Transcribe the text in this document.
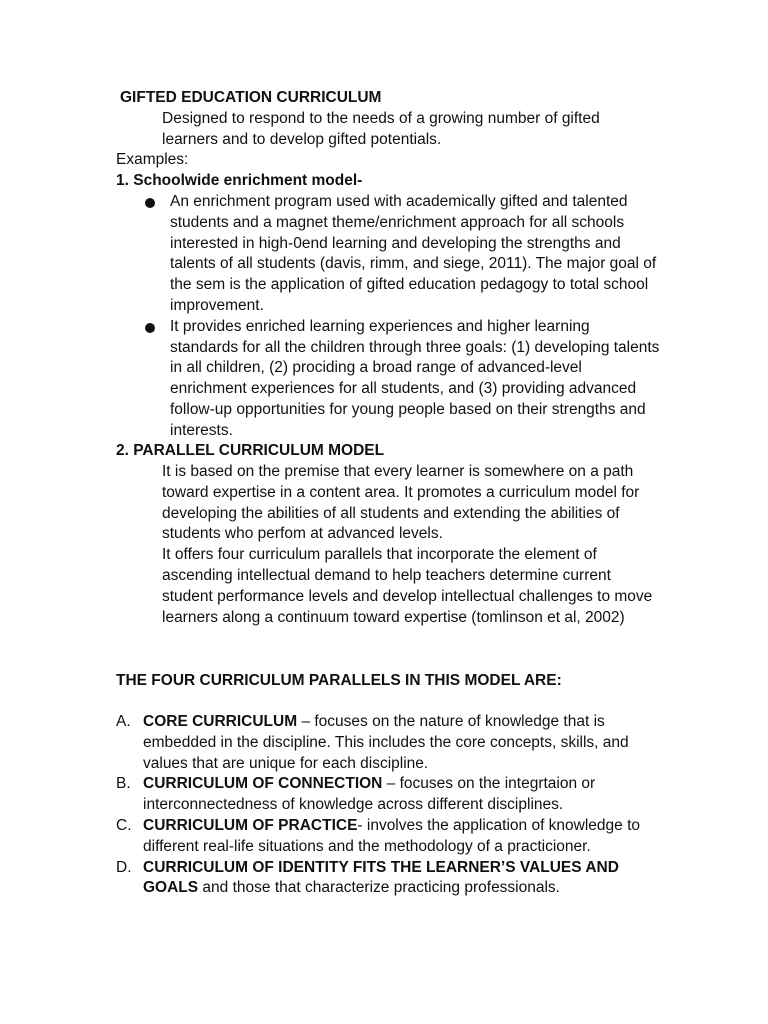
GIFTED EDUCATION CURRICULUM

Designed to respond to the needs of a growing number of gifted learners and to develop gifted potentials.

Examples:

1. Schoolwide enrichment model-

An enrichment program used with academically gifted and talented students and a magnet theme/enrichment approach for all schools interested in high-0end learning and developing the strengths and talents of all students (davis, rimm, and siege, 2011). The major goal of the sem is the application of gifted education pedagogy to total school improvement.
It provides enriched learning experiences and higher learning standards for all the children through three goals: (1) developing talents in all children, (2) prociding a broad range of advanced-level enrichment experiences for all students, and (3) providing advanced follow-up opportunities for young people based on their strengths and interests.

2. PARALLEL CURRICULUM MODEL

It is based on the premise that every learner is somewhere on a path toward expertise in a content area. It promotes a curriculum model for developing the abilities of all students and extending the abilities of students who perfom at advanced levels.
It offers four curriculum parallels that incorporate the element of ascending intellectual demand to help teachers determine current student performance levels and develop intellectual challenges to move learners along a continuum toward expertise (tomlinson et al, 2002)

THE FOUR CURRICULUM PARALLELS IN THIS MODEL ARE:

A. CORE CURRICULUM – focuses on the nature of knowledge that is embedded in the discipline. This includes the core concepts, skills, and values that are unique for each discipline.
B. CURRICULUM OF CONNECTION – focuses on the integrtaion or interconnectedness of knowledge across different disciplines.
C. CURRICULUM OF PRACTICE- involves the application of knowledge to different real-life situations and the methodology of a practicioner.
D. CURRICULUM OF IDENTITY FITS THE LEARNER’S VALUES AND GOALS and those that characterize practicing professionals.
